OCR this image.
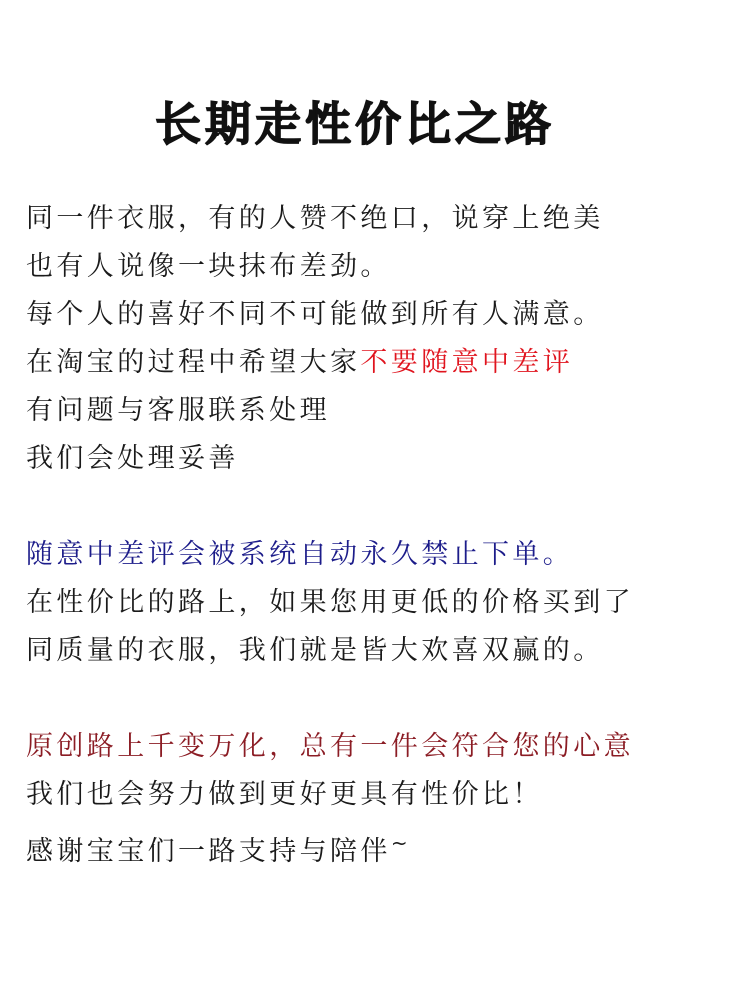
长期走性价比之路
同一件衣服，有的人赞不绝口，说穿上绝美
也有人说像一块抹布差劲。
每个人的喜好不同不可能做到所有人满意。
在淘宝的过程中希望大家不要随意中差评
有问题与客服联系处理
我们会处理妥善
随意中差评会被系统自动永久禁止下单。
在性价比的路上，如果您用更低的价格买到了
同质量的衣服，我们就是皆大欢喜双赢的。
原创路上千变万化，总有一件会符合您的心意
我们也会努力做到更好更具有性价比！
感谢宝宝们一路支持与陪伴~
